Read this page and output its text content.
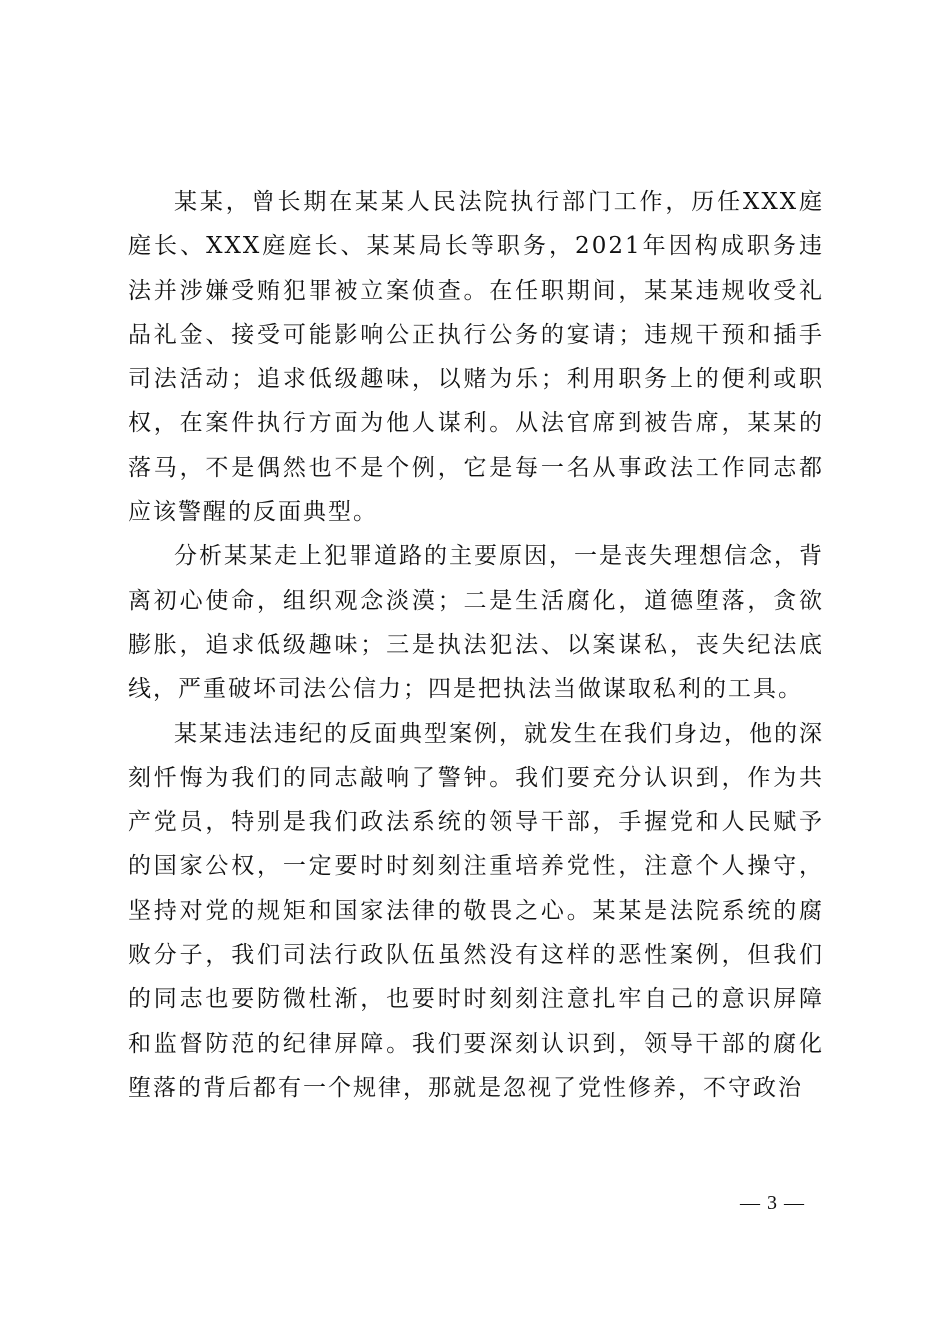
某某，曾长期在某某人民法院执行部门工作，历任XXX庭庭长、XXX庭庭长、某某局长等职务，2021年因构成职务违法并涉嫌受贿犯罪被立案侦查。在任职期间，某某违规收受礼品礼金、接受可能影响公正执行公务的宴请；违规干预和插手司法活动；追求低级趣味，以赌为乐；利用职务上的便利或职权，在案件执行方面为他人谋利。从法官席到被告席，某某的落马，不是偶然也不是个例，它是每一名从事政法工作同志都应该警醒的反面典型。

分析某某走上犯罪道路的主要原因，一是丧失理想信念，背离初心使命，组织观念淡漠；二是生活腐化，道德堕落，贪欲膨胀，追求低级趣味；三是执法犯法、以案谋私，丧失纪法底线，严重破坏司法公信力；四是把执法当做谋取私利的工具。

某某违法违纪的反面典型案例，就发生在我们身边，他的深刻忏悔为我们的同志敲响了警钟。我们要充分认识到，作为共产党员，特别是我们政法系统的领导干部，手握党和人民赋予的国家公权，一定要时时刻刻注重培养党性，注意个人操守，坚持对党的规矩和国家法律的敬畏之心。某某是法院系统的腐败分子，我们司法行政队伍虽然没有这样的恶性案例，但我们的同志也要防微杜渐，也要时时刻刻注意扎牢自己的意识屏障和监督防范的纪律屏障。我们要深刻认识到，领导干部的腐化堕落的背后都有一个规律，那就是忽视了党性修养，不守政治

— 3 —
